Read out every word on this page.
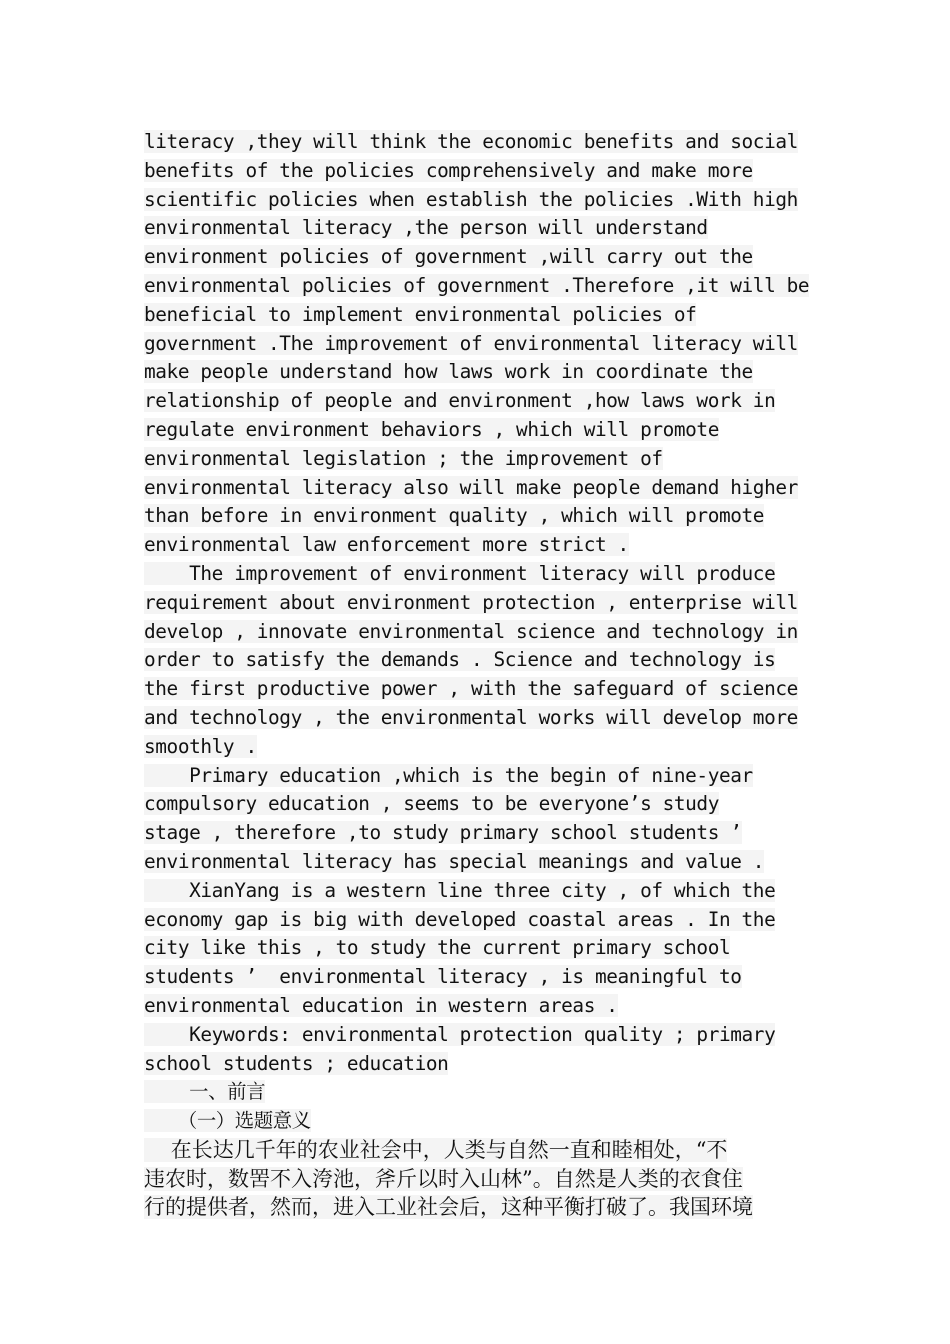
literacy ,they will think the economic benefits and social
benefits of the policies comprehensively and make more
scientific policies when establish the policies .With high
environmental literacy ,the person will understand
environment policies of government ,will carry out the
environmental policies of government .Therefore ,it will be
beneficial to implement environmental policies of
government .The improvement of environmental literacy will
make people understand how laws work in coordinate the
relationship of people and environment ,how laws work in
regulate environment behaviors , which will promote
environmental legislation ; the improvement of
environmental literacy also will make people demand higher
than before in environment quality , which will promote
environmental law enforcement more strict .
The improvement of environment literacy will produce
requirement about environment protection , enterprise will
develop , innovate environmental science and technology in
order to satisfy the demands . Science and technology is
the first productive power , with the safeguard of science
and technology , the environmental works will develop more
smoothly .
Primary education ,which is the begin of nine-year
compulsory education , seems to be everyone’s study
stage , therefore ,to study primary school students ’
environmental literacy has special meanings and value .
XianYang is a western line three city , of which the
economy gap is big with developed coastal areas . In the
city like this , to study the current primary school
students ’  environmental literacy , is meaningful to
environmental education in western areas .
Keywords: environmental protection quality ; primary
school students ; education
一、前言
（一）选题意义
在长达几千年的农业社会中，人类与自然一直和睦相处，“不
违农时，数罟不入洿池，斧斤以时入山林”。自然是人类的衣食住
行的提供者，然而，进入工业社会后，这种平衡打破了。我国环境
